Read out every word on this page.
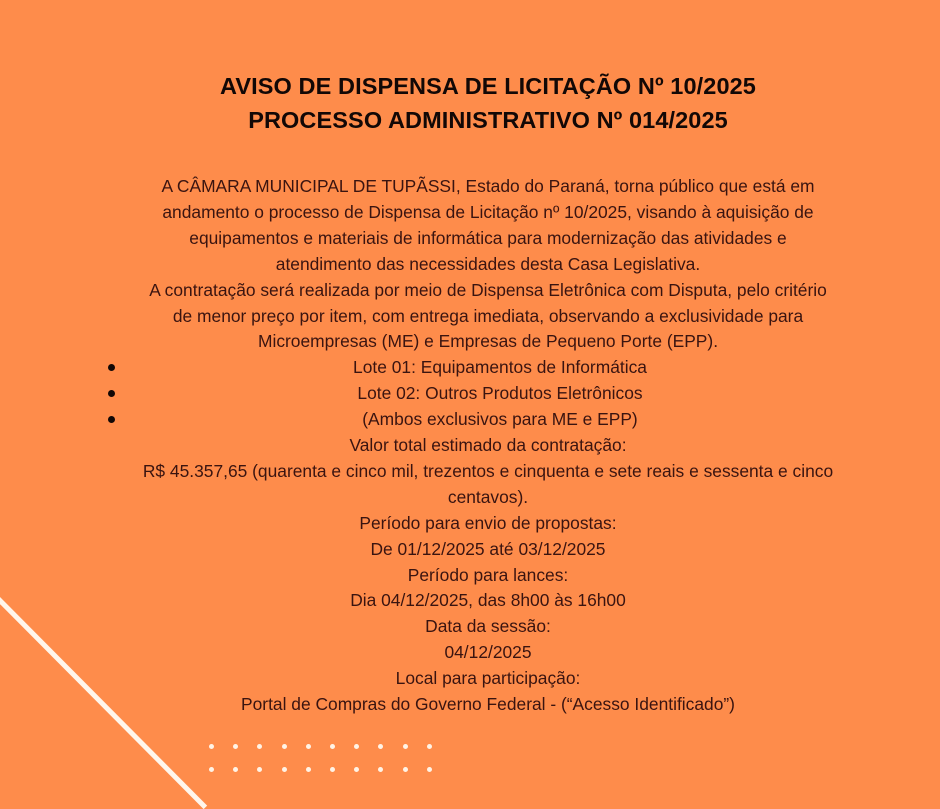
AVISO DE DISPENSA DE LICITAÇÃO Nº 10/2025
PROCESSO ADMINISTRATIVO Nº 014/2025
A CÂMARA MUNICIPAL DE TUPÃSSI, Estado do Paraná, torna público que está em
andamento o processo de Dispensa de Licitação nº 10/2025, visando à aquisição de
equipamentos e materiais de informática para modernização das atividades e
atendimento das necessidades desta Casa Legislativa.
A contratação será realizada por meio de Dispensa Eletrônica com Disputa, pelo critério
de menor preço por item, com entrega imediata, observando a exclusividade para
Microempresas (ME) e Empresas de Pequeno Porte (EPP).
Lote 01: Equipamentos de Informática
Lote 02: Outros Produtos Eletrônicos
(Ambos exclusivos para ME e EPP)
Valor total estimado da contratação:
R$ 45.357,65 (quarenta e cinco mil, trezentos e cinquenta e sete reais e sessenta e cinco
centavos).
Período para envio de propostas:
De 01/12/2025 até 03/12/2025
Período para lances:
Dia 04/12/2025, das 8h00 às 16h00
Data da sessão:
04/12/2025
Local para participação:
Portal de Compras do Governo Federal - (“Acesso Identificado”)
